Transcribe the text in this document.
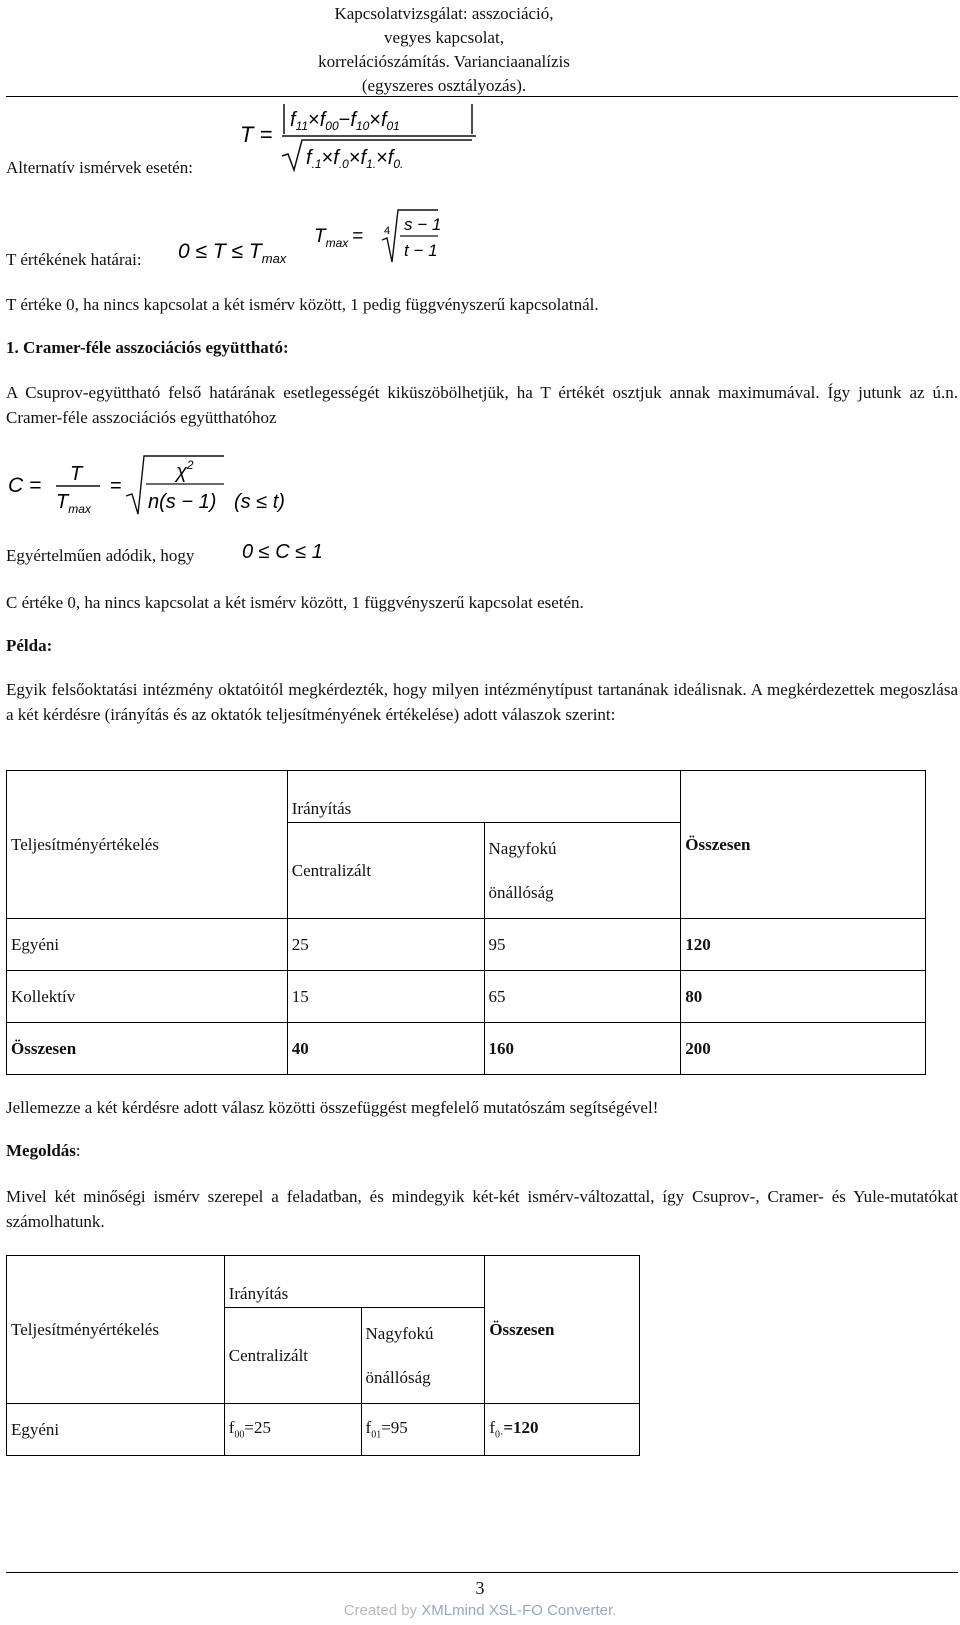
Kapcsolatvizsgálat: asszociáció,
vegyes kapcsolat,
korrelációszámítás. Varianciaanalízis
(egyszeres osztályozás).
Alternatív ismérvek esetén:
T =
$f_{11}\times f_{00}-f_{10}\times f_{01}$
$f_{.1}\times f_{.0}\times f_{1.}\times f_{0.}$
T értékének határai: $0 \le T \le T_{max}$
$T_{max} = 4$ s − 1
t − 1
T értéke 0, ha nincs kapcsolat a két ismérv között, 1 pedig függvényszerű kapcsolatnál.
1. Cramer-féle asszociációs együttható:
A Csuprov-együttható felső határának esetlegességét kiküszöbölhetjük, ha T értékét osztjuk annak maximumával. Így jutunk az ú.n. Cramer-féle asszociációs együtthatóhoz
C = T
$T_{max}$
=
$\chi^2$
n(s − 1) (s ≤ t)
Egyértelműen adódik, hogy 0 ≤ C ≤ 1
C értéke 0, ha nincs kapcsolat a két ismérv között, 1 függvényszerű kapcsolat esetén.
Példa:
Egyik felsőoktatási intézmény oktatóitól megkérdezték, hogy milyen intézménytípust tartanának ideálisnak. A megkérdezettek megoszlása a két kérdésre (irányítás és az oktatók teljesítményének értékelése) adott válaszok szerint:
Teljesítményértékelés	Irányítás		Összesen
	Centralizált	Nagyfokú
önállóság	
Egyéni	25	95	120
Kollektív	15	65	80
Összesen	40	160	200
Jellemezze a két kérdésre adott válasz közötti összefüggést megfelelő mutatószám segítségével!
Megoldás:
Mivel két minőségi ismérv szerepel a feladatban, és mindegyik két-két ismérv-változattal, így Csuprov-, Cramer- és Yule-mutatókat számolhatunk.
Teljesítményértékelés	Irányítás		Összesen
	Centralizált	Nagyfokú
önállóság	
Egyéni	$f_{00}=25$	$f_{01}=95$	$f_{0\cdot}=120$
3
Created by XMLmind XSL-FO Converter.
